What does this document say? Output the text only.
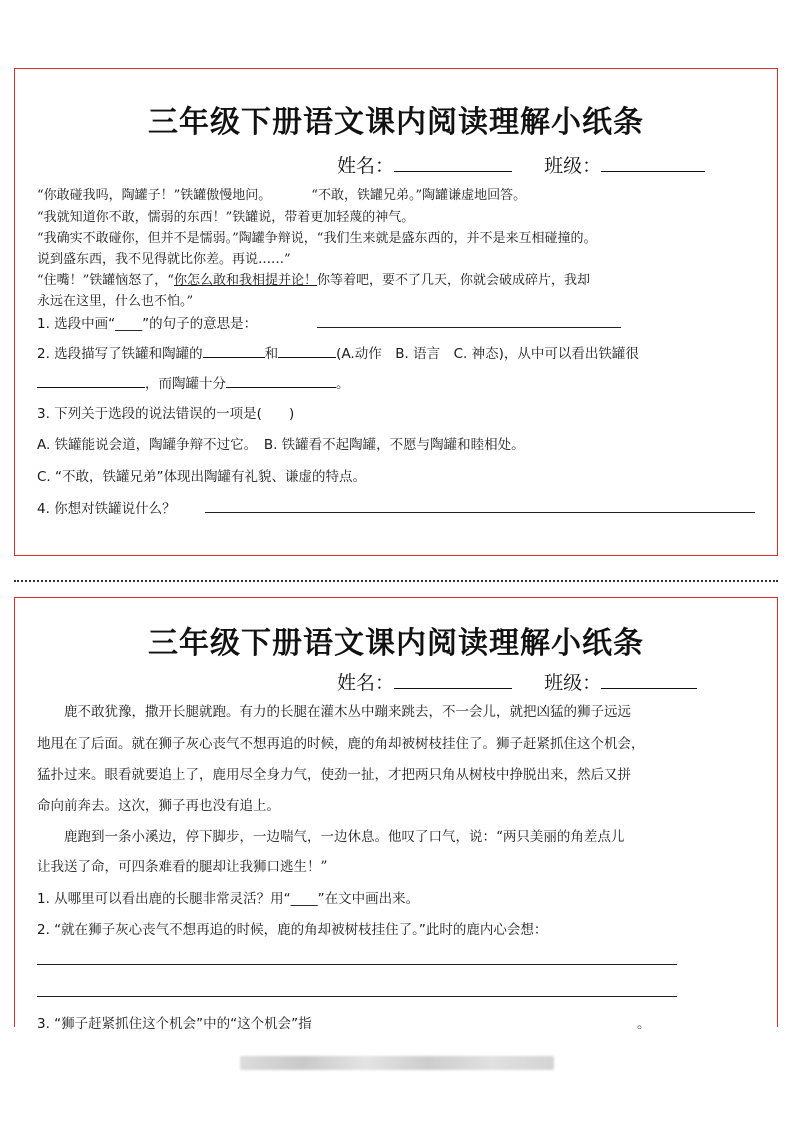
三年级下册语文课内阅读理解小纸条
姓名：	班级：
“你敢碰我吗，陶罐子！”铁罐傲慢地问。	“不敢，铁罐兄弟。”陶罐谦虚地回答。
“我就知道你不敢，懦弱的东西！”铁罐说，带着更加轻蔑的神气。
“我确实不敢碰你，但并不是懦弱。”陶罐争辩说，“我们生来就是盛东西的，并不是来互相碰撞的。
说到盛东西，我不见得就比你差。再说……”
“住嘴！”铁罐恼怒了，“你怎么敢和我相提并论！你等着吧，要不了几天，你就会破成碎片，我却
永远在这里，什么也不怕。”
1. 选段中画“____”的句子的意思是：
2. 选段描写了铁罐和陶罐的	和	(A.动作　B. 语言　C. 神态)，从中可以看出铁罐很
，而陶罐十分	。
3. 下列关于选段的说法错误的一项是(　　)
A. 铁罐能说会道，陶罐争辩不过它。　B. 铁罐看不起陶罐，不愿与陶罐和睦相处。
C. “不敢，铁罐兄弟”体现出陶罐有礼貌、谦虚的特点。
4. 你想对铁罐说什么？
三年级下册语文课内阅读理解小纸条
姓名：	班级：
　　鹿不敢犹豫，撒开长腿就跑。有力的长腿在灌木丛中蹦来跳去，不一会儿，就把凶猛的狮子远远
地甩在了后面。就在狮子灰心丧气不想再追的时候，鹿的角却被树枝挂住了。狮子赶紧抓住这个机会，
猛扑过来。眼看就要追上了，鹿用尽全身力气，使劲一扯，才把两只角从树枝中挣脱出来，然后又拼
命向前奔去。这次，狮子再也没有追上。
　　鹿跑到一条小溪边，停下脚步，一边喘气，一边休息。他叹了口气，说：“两只美丽的角差点儿
让我送了命，可四条难看的腿却让我狮口逃生！”
1. 从哪里可以看出鹿的长腿非常灵活？用“____”在文中画出来。
2. “就在狮子灰心丧气不想再追的时候，鹿的角却被树枝挂住了。”此时的鹿内心会想：
3. “狮子赶紧抓住这个机会”中的“这个机会”指	。
